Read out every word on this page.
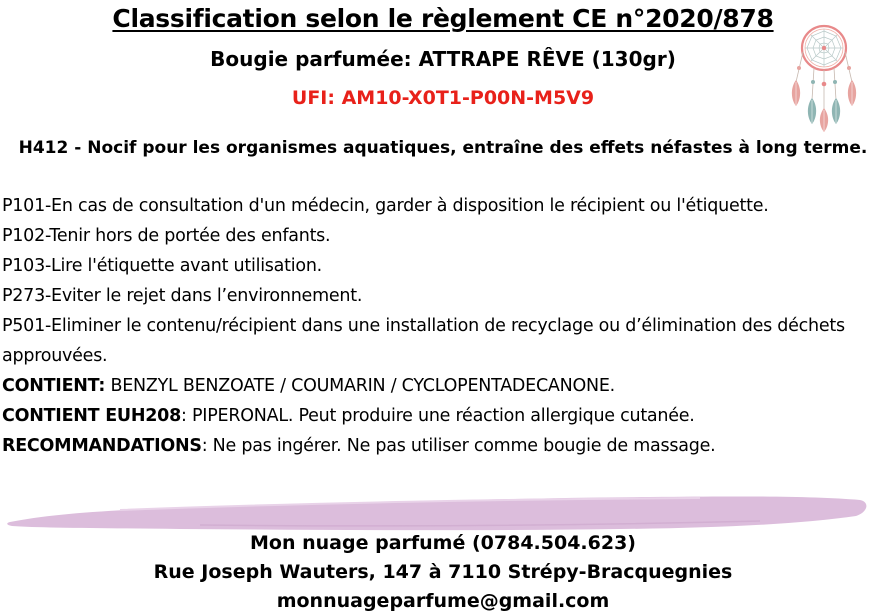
Classification selon le règlement CE n°2020/878
Bougie parfumée: ATTRAPE RÊVE (130gr)
UFI: AM10-X0T1-P00N-M5V9
H412 - Nocif pour les organismes aquatiques, entraîne des effets néfastes à long terme.

P101-En cas de consultation d'un médecin, garder à disposition le récipient ou l'étiquette.

P102-Tenir hors de portée des enfants.

P103-Lire l'étiquette avant utilisation.

P273-Eviter le rejet dans l’environnement.

P501-Eliminer le contenu/récipient dans une installation de recyclage ou d’élimination des déchets approuvées.

CONTIENT: BENZYL BENZOATE / COUMARIN / CYCLOPENTADECANONE.

CONTIENT EUH208: PIPERONAL. Peut produire une réaction allergique cutanée.

RECOMMANDATIONS: Ne pas ingérer. Ne pas utiliser comme bougie de massage.

Mon nuage parfumé (0784.504.623)
Rue Joseph Wauters, 147 à 7110 Strépy-Bracquegnies
monnuageparfume@gmail.com
